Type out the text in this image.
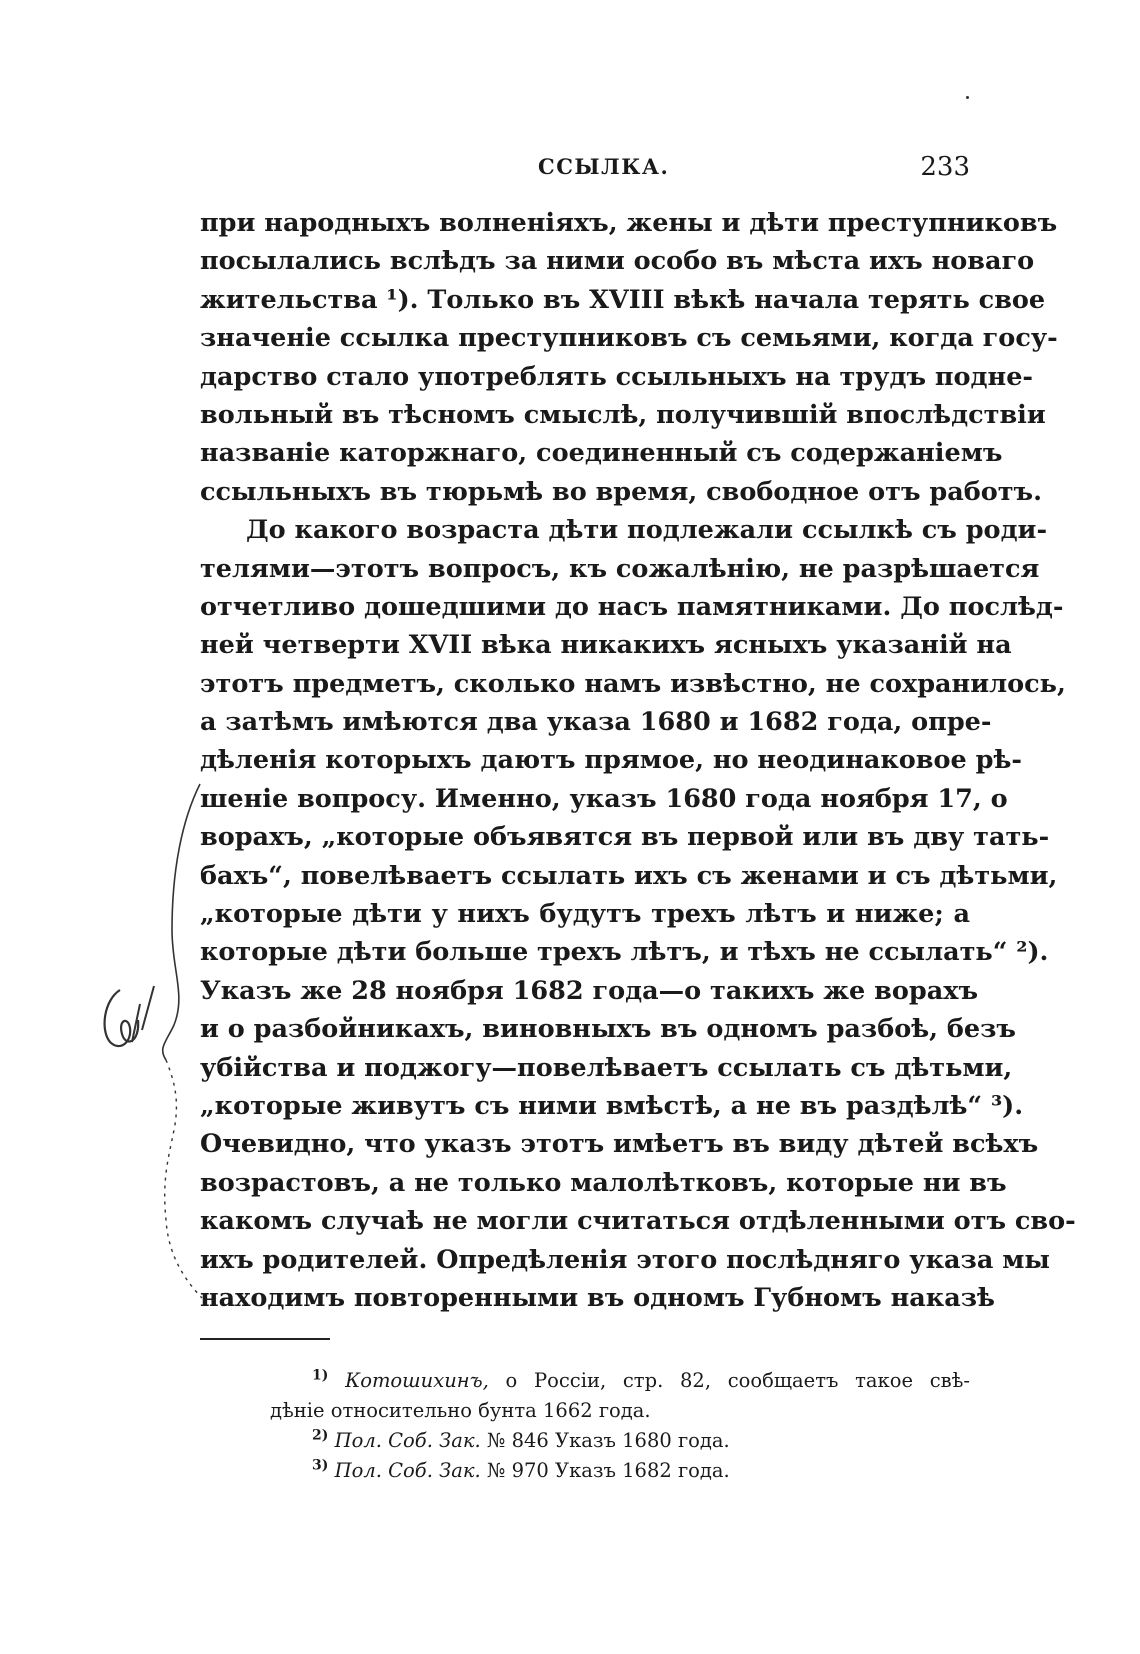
ССЫЛКА.	233
при народныхъ волненіяхъ, жены и дѣти преступниковъ
посылались вслѣдъ за ними особо въ мѣста ихъ новаго
жительства ¹). Только въ XVIII вѣкѣ начала терять свое
значеніе ссылка преступниковъ съ семьями, когда госу-
дарство стало употреблять ссыльныхъ на трудъ подне-
вольный въ тѣсномъ смыслѣ, получившій впослѣдствіи
названіе каторжнаго, соединенный съ содержаніемъ
ссыльныхъ въ тюрьмѣ во время, свободное отъ работъ.
До какого возраста дѣти подлежали ссылкѣ съ роди-
телями—этотъ вопросъ, къ сожалѣнію, не разрѣшается
отчетливо дошедшими до насъ памятниками. До послѣд-
ней четверти XVII вѣка никакихъ ясныхъ указаній на
этотъ предметъ, сколько намъ извѣстно, не сохранилось,
а затѣмъ имѣются два указа 1680 и 1682 года, опре-
дѣленія которыхъ даютъ прямое, но неодинаковое рѣ-
шеніе вопросу. Именно, указъ 1680 года ноября 17, о
ворахъ, „которые объявятся въ первой или въ дву тать-
бахъ“, повелѣваетъ ссылать ихъ съ женами и съ дѣтьми,
„которые дѣти у нихъ будутъ трехъ лѣтъ и ниже; а
которые дѣти больше трехъ лѣтъ, и тѣхъ не ссылать“ ²).
Указъ же 28 ноября 1682 года—о такихъ же ворахъ
и о разбойникахъ, виновныхъ въ одномъ разбоѣ, безъ
убійства и поджогу—повелѣваетъ ссылать съ дѣтьми,
„которые живутъ съ ними вмѣстѣ, а не въ раздѣлѣ“ ³).
Очевидно, что указъ этотъ имѣетъ въ виду дѣтей всѣхъ
возрастовъ, а не только малолѣтковъ, которые ни въ
какомъ случаѣ не могли считаться отдѣленными отъ сво-
ихъ родителей. Опредѣленія этого послѣдняго указа мы
находимъ повторенными въ одномъ Губномъ наказѣ
$^{1)}$ Котошихинъ, о Россіи, стр. 82, сообщаетъ такое свѣ-
дѣніе относительно бунта 1662 года.
$^{2)}$ Пол. Соб. Зак. № 846 Указъ 1680 года.
$^{3)}$ Пол. Соб. Зак. № 970 Указъ 1682 года.
